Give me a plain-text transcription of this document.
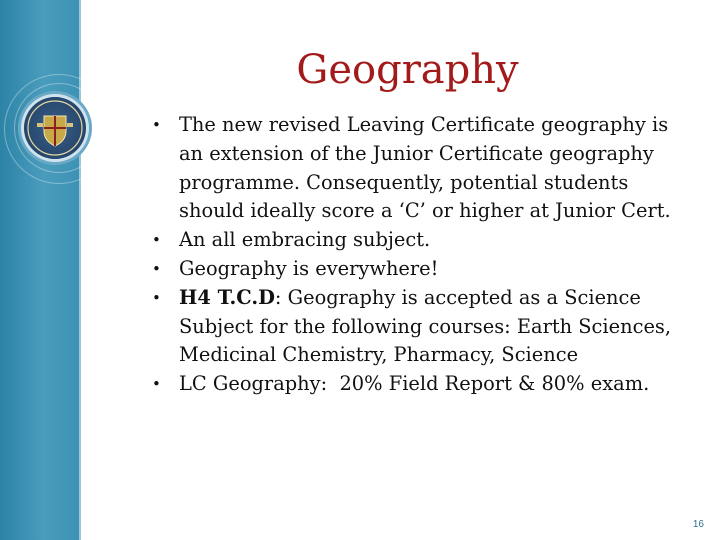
Geography
• The new revised Leaving Certificate geography is an extension of the Junior Certificate geography programme. Consequently, potential students should ideally score a ‘C’ or higher at Junior Cert.
• An all embracing subject.
• Geography is everywhere!
• H4 T.C.D: Geography is accepted as a Science Subject for the following courses: Earth Sciences, Medicinal Chemistry, Pharmacy, Science
• LC Geography:  20% Field Report & 80% exam.
16
